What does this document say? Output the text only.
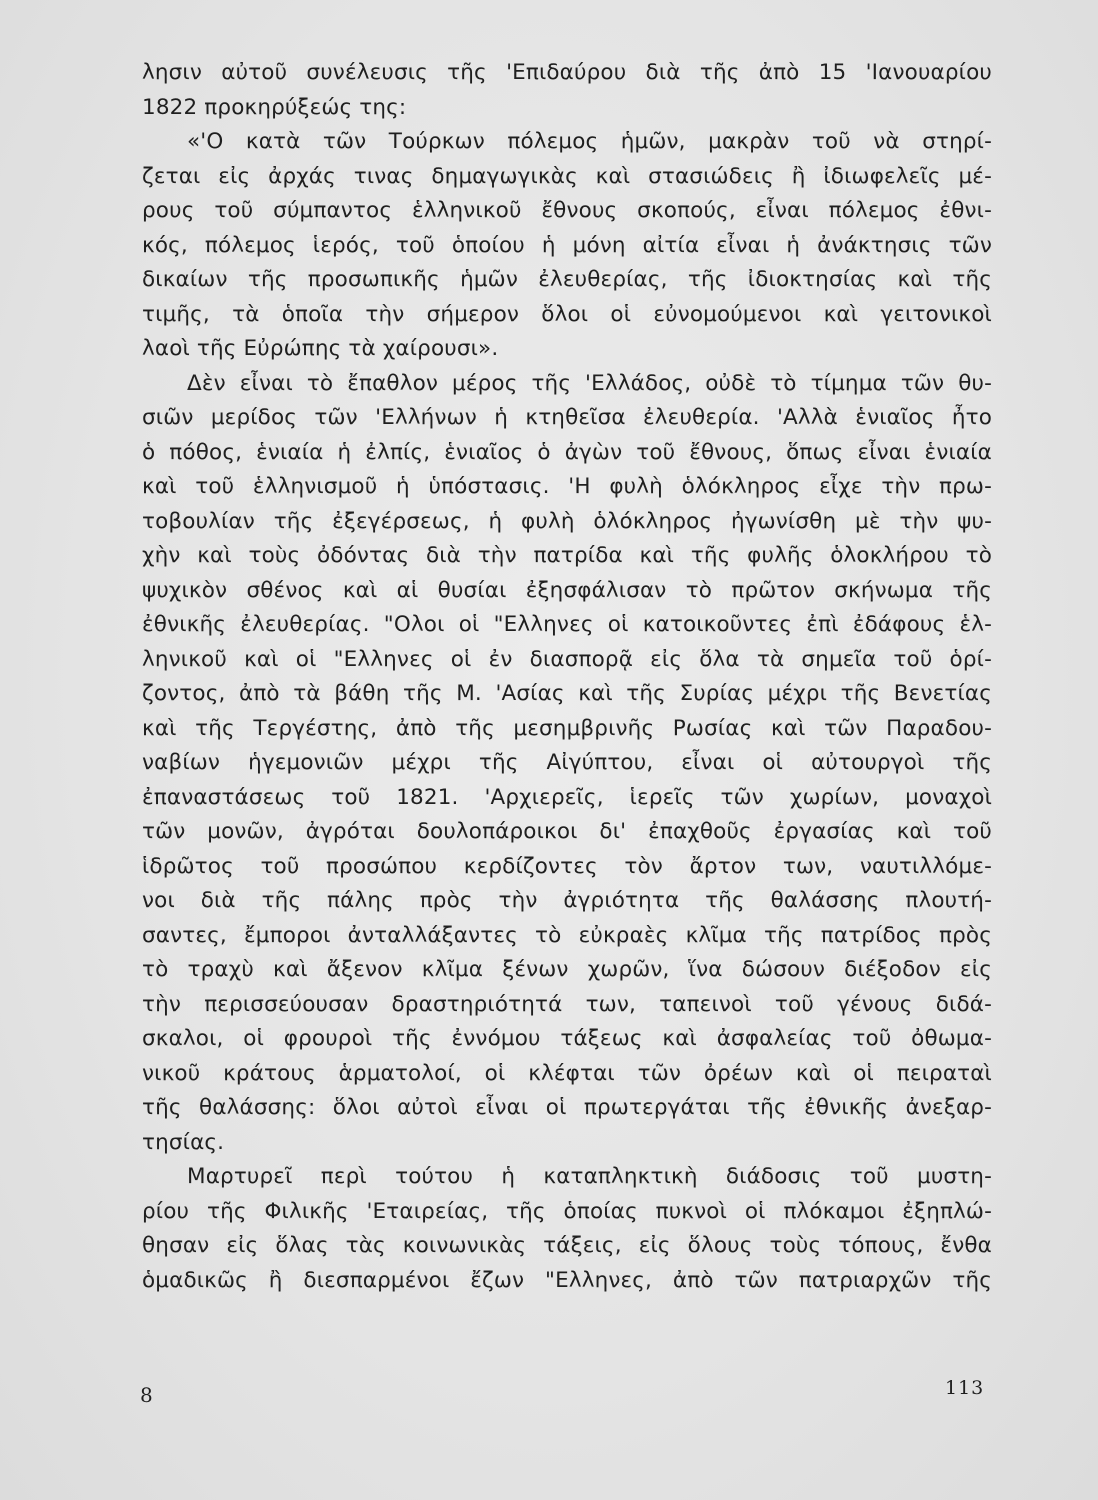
λησιν αὐτοῦ συνέλευσις τῆς 'Επιδαύρου διὰ τῆς ἀπὸ 15 'Ιανουαρίου
1822 προκηρύξεώς της:
«'Ο κατὰ τῶν Τούρκων πόλεμος ἡμῶν, μακρὰν τοῦ νὰ στηρί-
ζεται εἰς ἀρχάς τινας δημαγωγικὰς καὶ στασιώδεις ἢ ἰδιωφελεῖς μέ-
ρους τοῦ σύμπαντος ἑλληνικοῦ ἔθνους σκοπούς, εἶναι πόλεμος ἐθνι-
κός, πόλεμος ἱερός, τοῦ ὁποίου ἡ μόνη αἰτία εἶναι ἡ ἀνάκτησις τῶν
δικαίων τῆς προσωπικῆς ἡμῶν ἐλευθερίας, τῆς ἰδιοκτησίας καὶ τῆς
τιμῆς, τὰ ὁποῖα τὴν σήμερον ὅλοι οἱ εὐνομούμενοι καὶ γειτονικοὶ
λαοὶ τῆς Εὐρώπης τὰ χαίρουσι».
Δὲν εἶναι τὸ ἔπαθλον μέρος τῆς 'Ελλάδος, οὐδὲ τὸ τίμημα τῶν θυ-
σιῶν μερίδος τῶν 'Ελλήνων ἡ κτηθεῖσα ἐλευθερία. 'Αλλὰ ἑνιαῖος ἦτο
ὁ πόθος, ἑνιαία ἡ ἐλπίς, ἑνιαῖος ὁ ἀγὼν τοῦ ἔθνους, ὅπως εἶναι ἑνιαία
καὶ τοῦ ἑλληνισμοῦ ἡ ὑπόστασις. 'Η φυλὴ ὁλόκληρος εἶχε τὴν πρω-
τοβουλίαν τῆς ἐξεγέρσεως, ἡ φυλὴ ὁλόκληρος ἠγωνίσθη μὲ τὴν ψυ-
χὴν καὶ τοὺς ὀδόντας διὰ τὴν πατρίδα καὶ τῆς φυλῆς ὁλοκλήρου τὸ
ψυχικὸν σθένος καὶ αἱ θυσίαι ἐξησφάλισαν τὸ πρῶτον σκήνωμα τῆς
ἐθνικῆς ἐλευθερίας. "Ολοι οἱ "Ελληνες οἱ κατοικοῦντες ἐπὶ ἐδάφους ἑλ-
ληνικοῦ καὶ οἱ "Ελληνες οἱ ἐν διασπορᾷ εἰς ὅλα τὰ σημεῖα τοῦ ὁρί-
ζοντος, ἀπὸ τὰ βάθη τῆς Μ. 'Ασίας καὶ τῆς Συρίας μέχρι τῆς Βενετίας
καὶ τῆς Τεργέστης, ἀπὸ τῆς μεσημβρινῆς Ρωσίας καὶ τῶν Παραδου-
ναβίων ἡγεμονιῶν μέχρι τῆς Αἰγύπτου, εἶναι οἱ αὐτουργοὶ τῆς
ἐπαναστάσεως τοῦ 1821. 'Αρχιερεῖς, ἱερεῖς τῶν χωρίων, μοναχοὶ
τῶν μονῶν, ἀγρόται δουλοπάροικοι δι' ἐπαχθοῦς ἐργασίας καὶ τοῦ
ἱδρῶτος τοῦ προσώπου κερδίζοντες τὸν ἄρτον των, ναυτιλλόμε-
νοι διὰ τῆς πάλης πρὸς τὴν ἀγριότητα τῆς θαλάσσης πλουτή-
σαντες, ἔμποροι ἀνταλλάξαντες τὸ εὐκραὲς κλῖμα τῆς πατρίδος πρὸς
τὸ τραχὺ καὶ ἄξενον κλῖμα ξένων χωρῶν, ἵνα δώσουν διέξοδον εἰς
τὴν περισσεύουσαν δραστηριότητά των, ταπεινοὶ τοῦ γένους διδά-
σκαλοι, οἱ φρουροὶ τῆς ἐννόμου τάξεως καὶ ἀσφαλείας τοῦ ὀθωμα-
νικοῦ κράτους ἁρματολοί, οἱ κλέφται τῶν ὀρέων καὶ οἱ πειραταὶ
τῆς θαλάσσης: ὅλοι αὐτοὶ εἶναι οἱ πρωτεργάται τῆς ἐθνικῆς ἀνεξαρ-
τησίας.
Μαρτυρεῖ περὶ τούτου ἡ καταπληκτικὴ διάδοσις τοῦ μυστη-
ρίου τῆς Φιλικῆς 'Εταιρείας, τῆς ὁποίας πυκνοὶ οἱ πλόκαμοι ἐξηπλώ-
θησαν εἰς ὅλας τὰς κοινωνικὰς τάξεις, εἰς ὅλους τοὺς τόπους, ἔνθα
ὁμαδικῶς ἢ διεσπαρμένοι ἔζων "Ελληνες, ἀπὸ τῶν πατριαρχῶν τῆς
8	113
